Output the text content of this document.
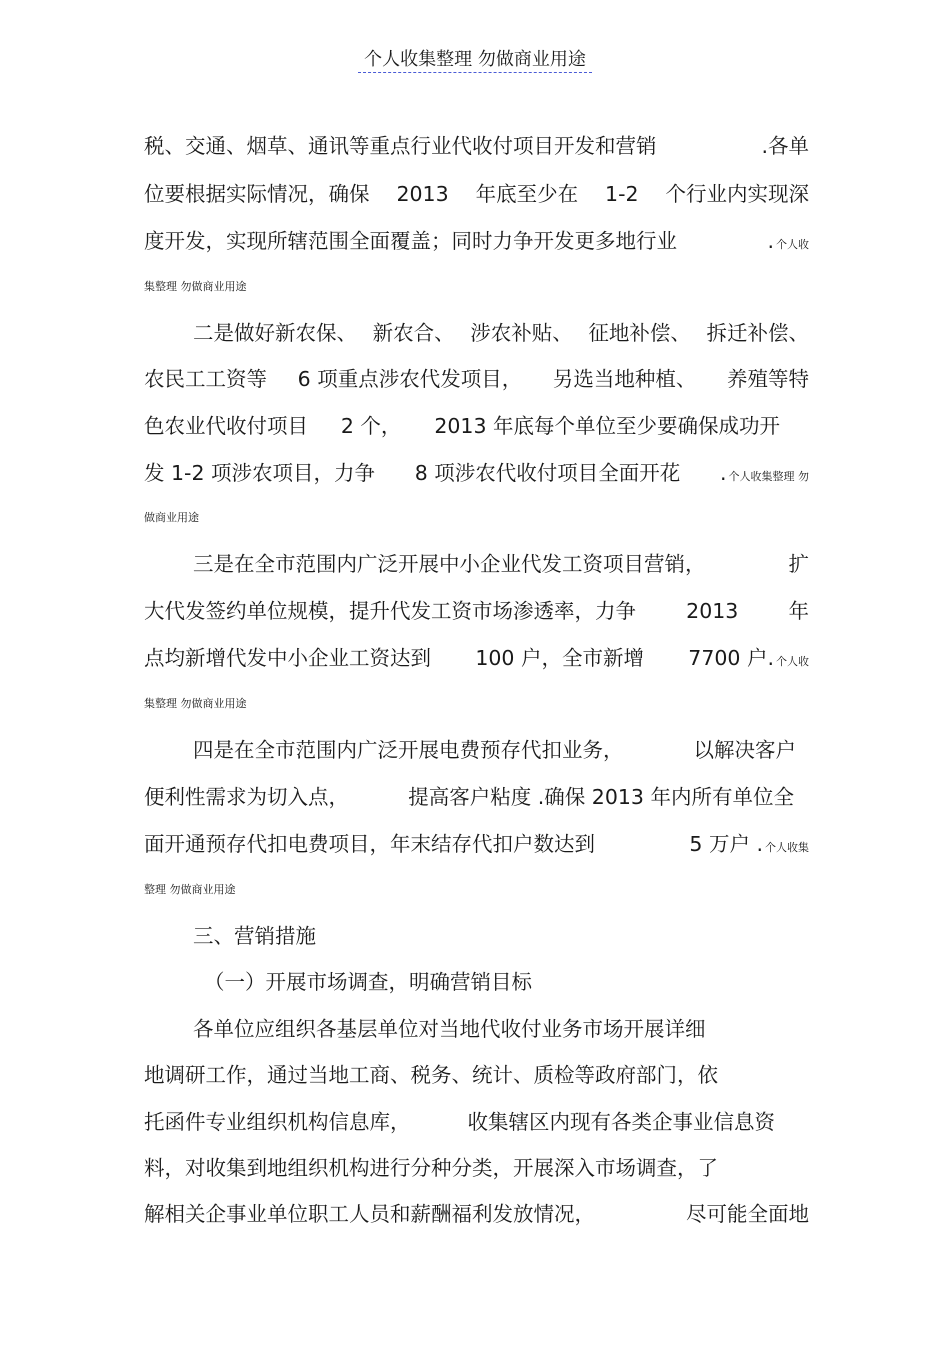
个人收集整理 勿做商业用途
税、交通、烟草、通讯等重点行业代收付项目开发和营销	.各单
位要根据实际情况，确保 2013 年底至少在 1-2 个行业内实现深
度开发，实现所辖范围全面覆盖；同时力争开发更多地行业	. 个人收
集整理 勿做商业用途
二是做好新农保、 新农合、 涉农补贴、 征地补偿、 拆迁补偿、
农民工工资等 6 项重点涉农代发项目， 另选当地种植、 养殖等特
色农业代收付项目 2 个， 2013 年底每个单位至少要确保成功开
发 1-2 项涉农项目，力争 8 项涉农代收付项目全面开花 . 个人收集整理 勿
做商业用途
三是在全市范围内广泛开展中小企业代发工资项目营销，	扩
大代发签约单位规模，提升代发工资市场渗透率，力争 2013 年
点均新增代发中小企业工资达到 100 户，全市新增 7700 户. 个人收
集整理 勿做商业用途
四是在全市范围内广泛开展电费预存代扣业务，	以解决客户
便利性需求为切入点，	提高客户粘度 .确保 2013 年内所有单位全
面开通预存代扣电费项目，年末结存代扣户数达到	5 万户 . 个人收集
整理 勿做商业用途
三、营销措施
（一）开展市场调查，明确营销目标
各单位应组织各基层单位对当地代收付业务市场开展详细
地调研工作，通过当地工商、税务、统计、质检等政府部门，依
托函件专业组织机构信息库，	收集辖区内现有各类企事业信息资
料，对收集到地组织机构进行分种分类，开展深入市场调查，了
解相关企事业单位职工人员和薪酬福利发放情况，	尽可能全面地
